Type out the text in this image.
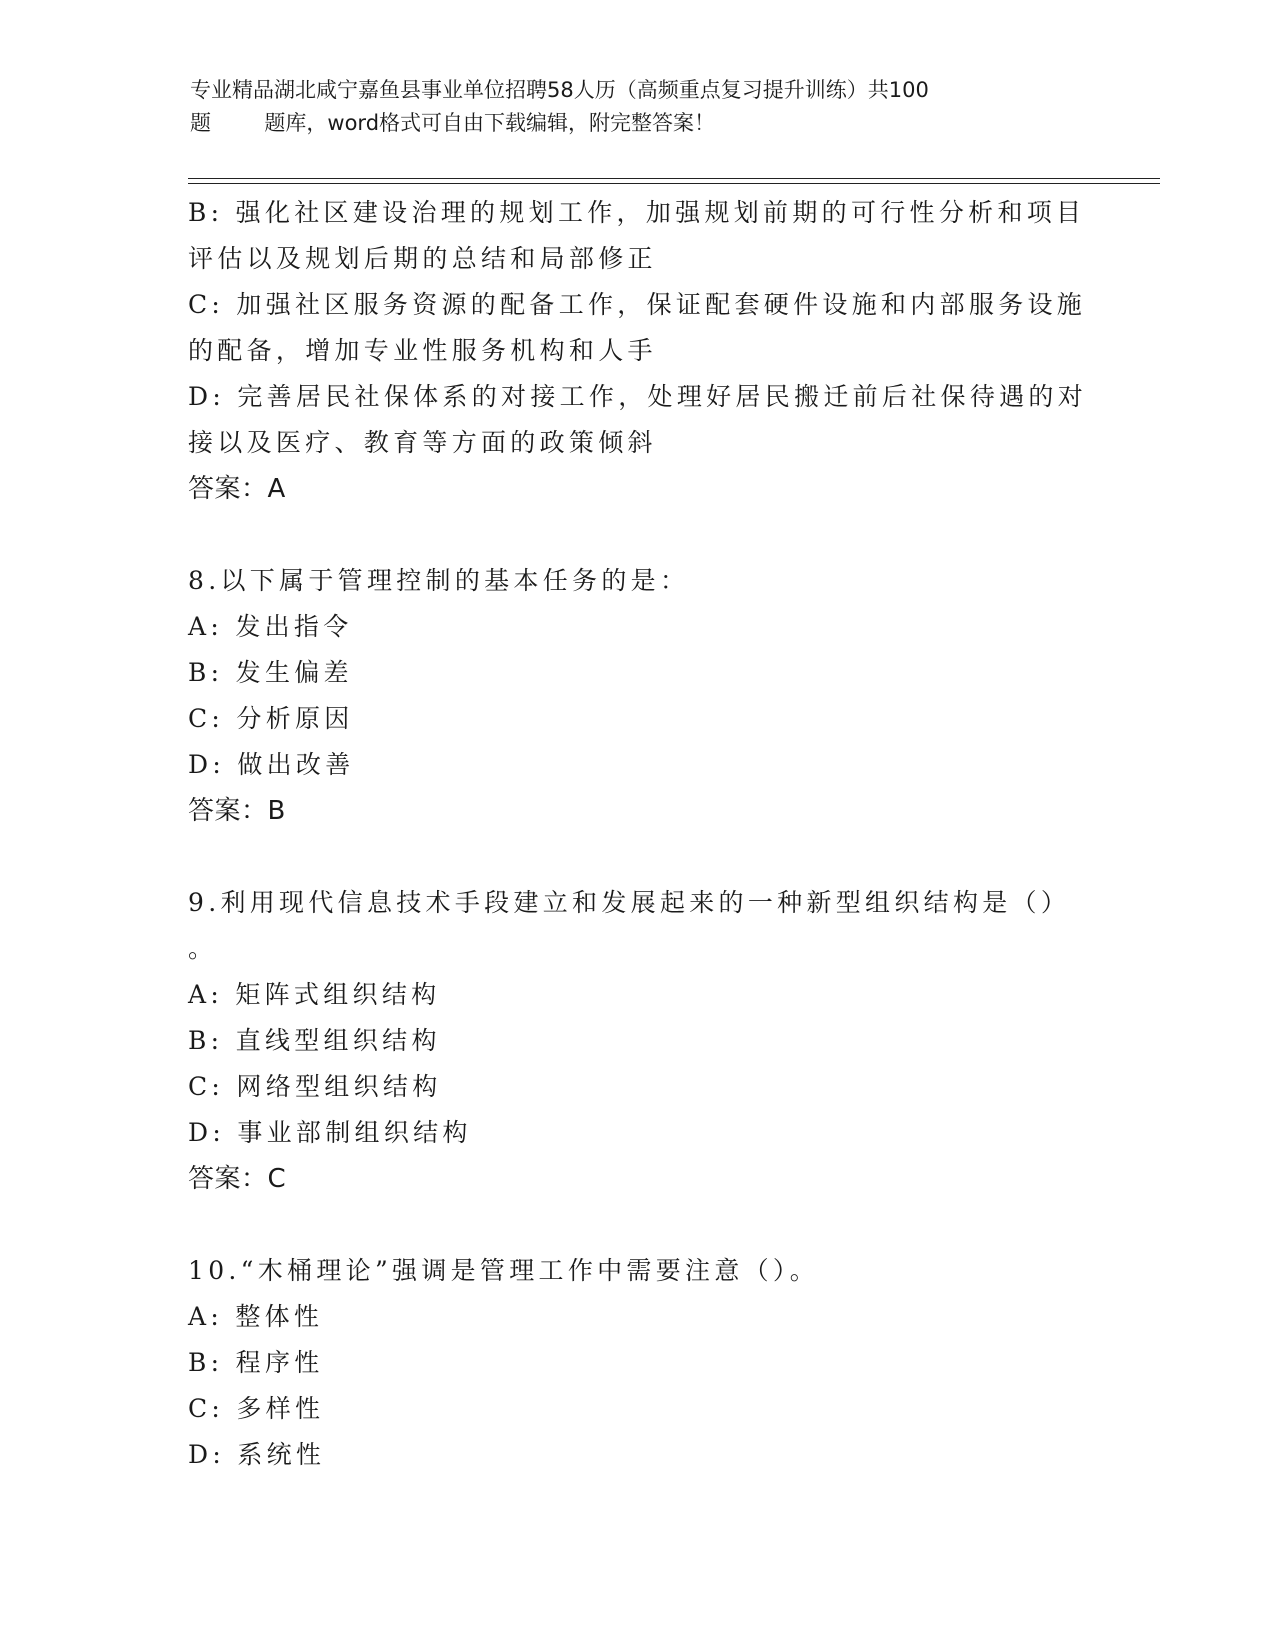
专业精品湖北咸宁嘉鱼县事业单位招聘58人历（高频重点复习提升训练）共100
题        题库，word格式可自由下载编辑，附完整答案！
B: 强化社区建设治理的规划工作，加强规划前期的可行性分析和项目
评估以及规划后期的总结和局部修正
C: 加强社区服务资源的配备工作，保证配套硬件设施和内部服务设施
的配备，增加专业性服务机构和人手
D: 完善居民社保体系的对接工作，处理好居民搬迁前后社保待遇的对
接以及医疗、教育等方面的政策倾斜
答案：A
8.以下属于管理控制的基本任务的是：
A: 发出指令
B: 发生偏差
C: 分析原因
D: 做出改善
答案：B
9.利用现代信息技术手段建立和发展起来的一种新型组织结构是（）
。
A: 矩阵式组织结构
B: 直线型组织结构
C: 网络型组织结构
D: 事业部制组织结构
答案：C
10.“木桶理论”强调是管理工作中需要注意（）。
A: 整体性
B: 程序性
C: 多样性
D: 系统性
